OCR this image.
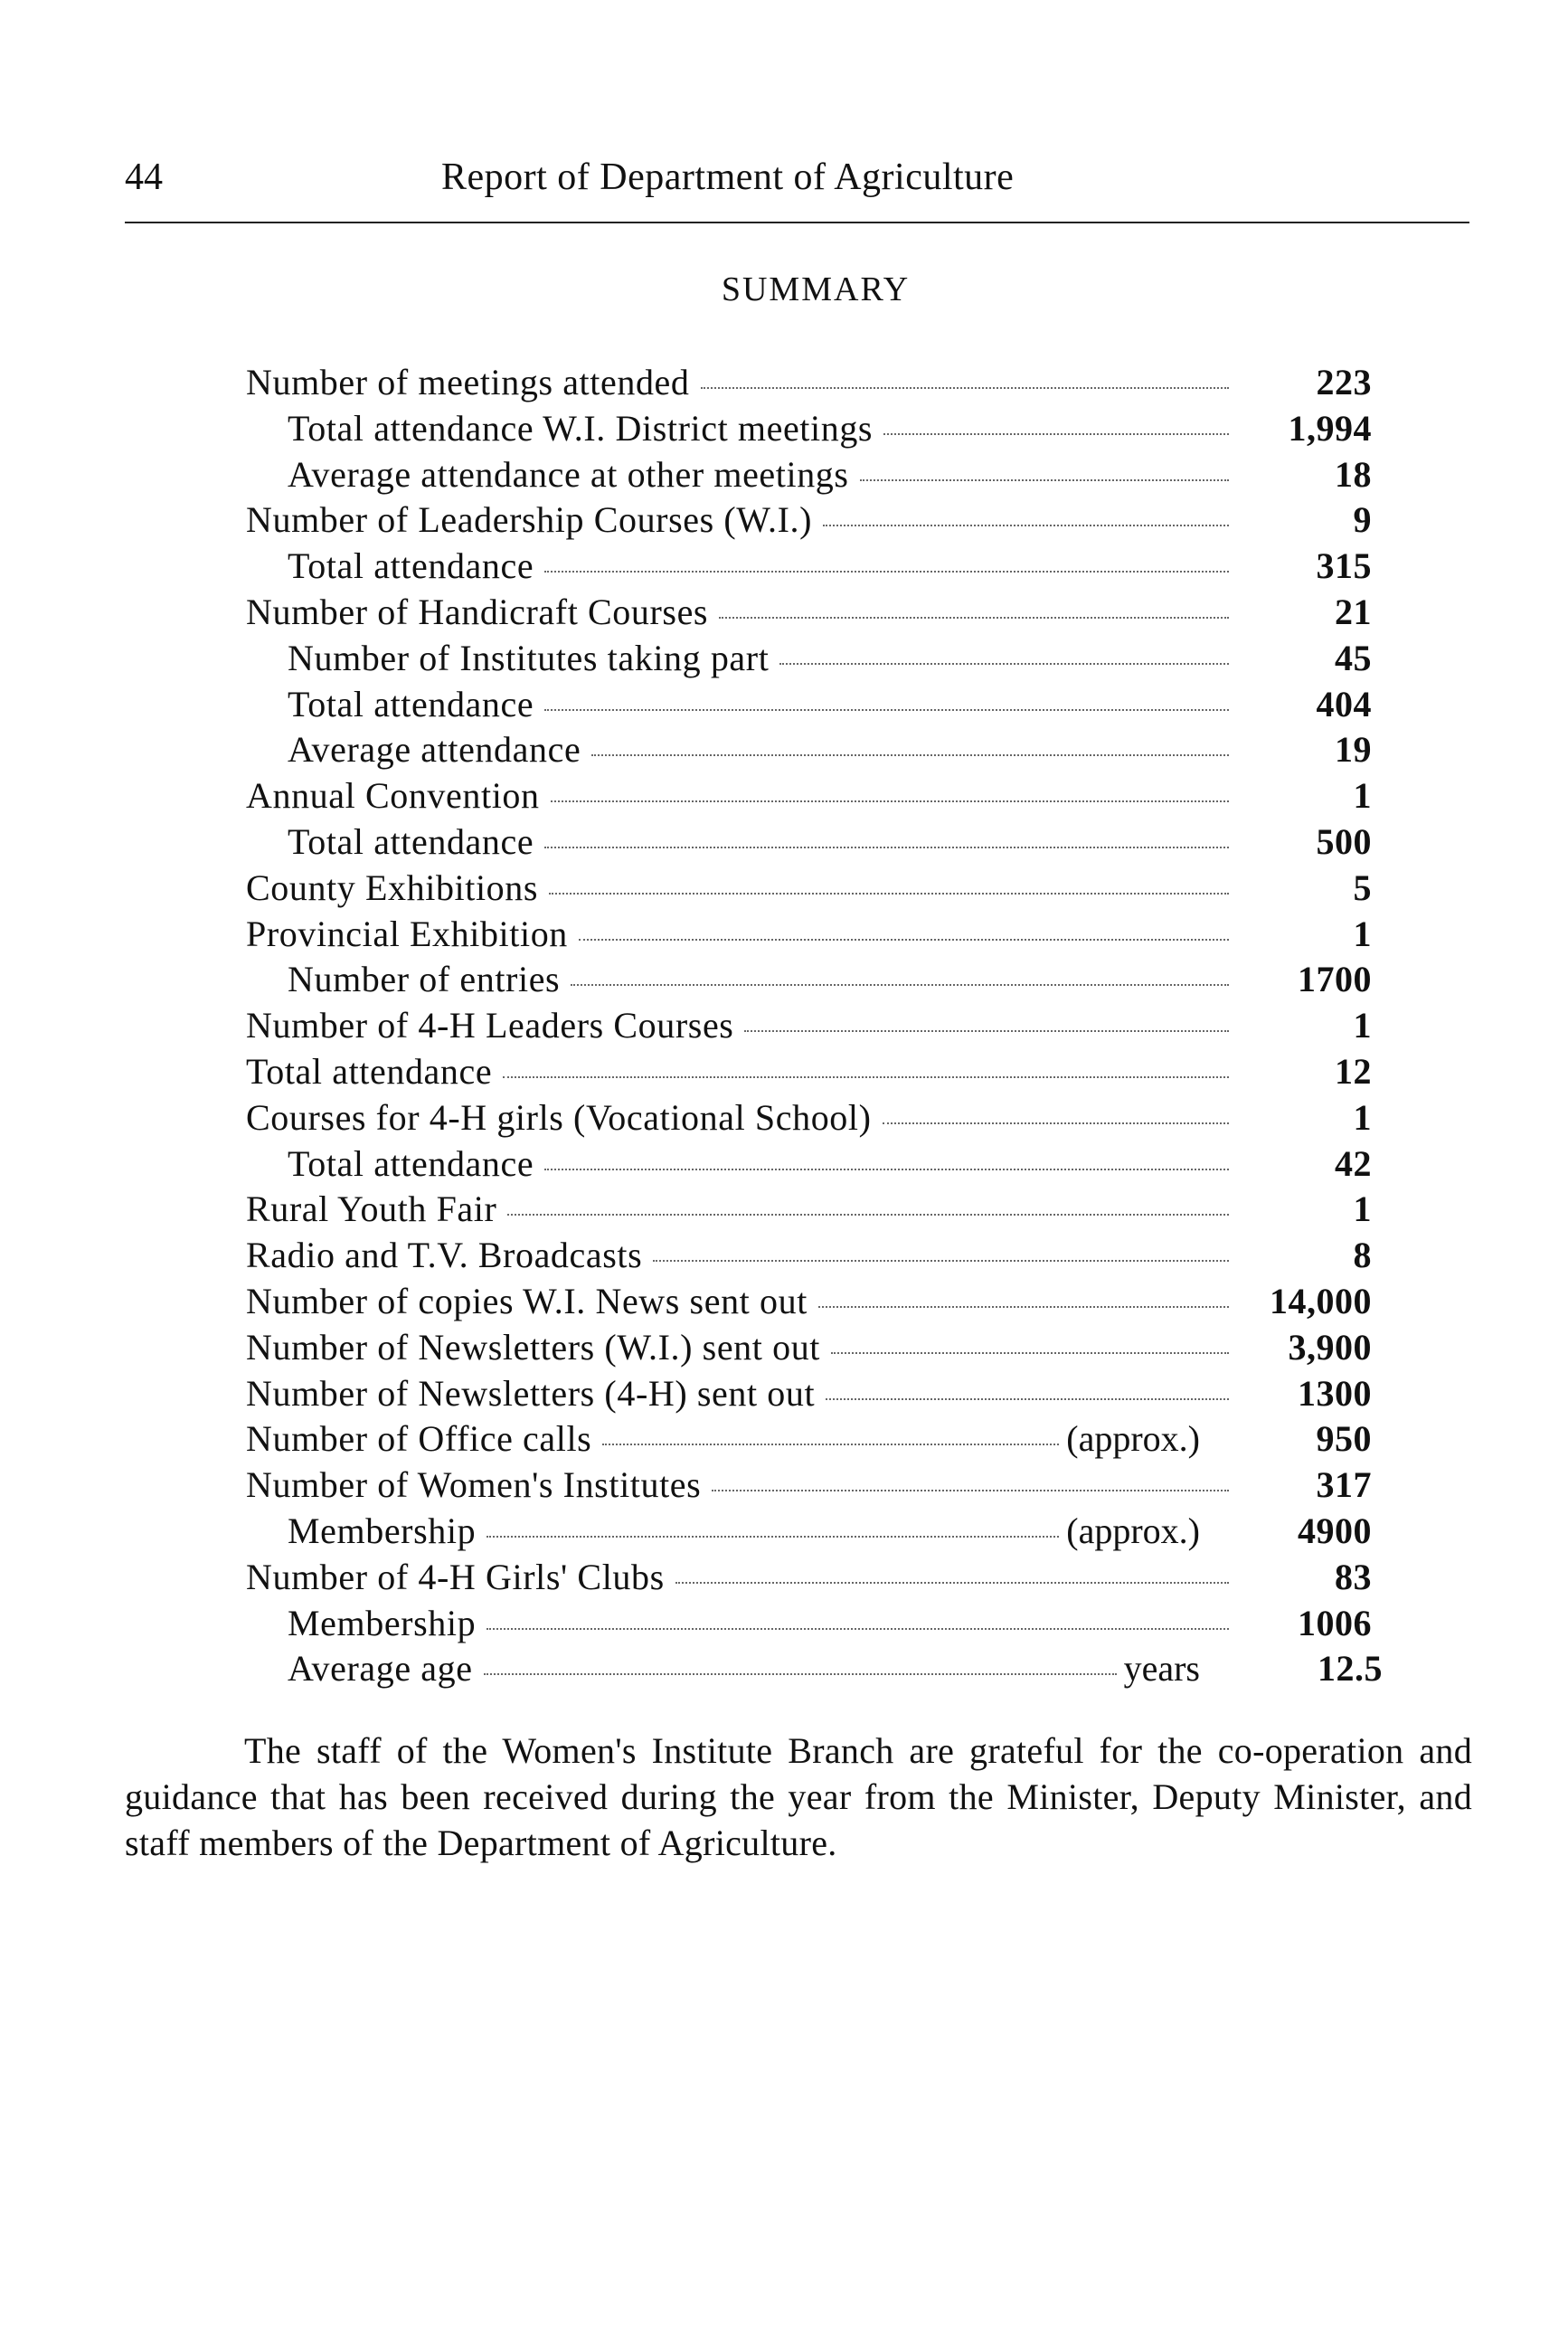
44	Report of Department of Agriculture
SUMMARY
Number of meetings attended	223
Total attendance W.I. District meetings	1,994
Average attendance at other meetings	18
Number of Leadership Courses (W.I.)	9
Total attendance	315
Number of Handicraft Courses	21
Number of Institutes taking part	45
Total attendance	404
Average attendance	19
Annual Convention	1
Total attendance	500
County Exhibitions	5
Provincial Exhibition	1
Number of entries	1700
Number of 4-H Leaders Courses	1
Total attendance	12
Courses for 4-H girls (Vocational School)	1
Total attendance	42
Rural Youth Fair	1
Radio and T.V. Broadcasts	8
Number of copies W.I. News sent out	14,000
Number of Newsletters (W.I.) sent out	3,900
Number of Newsletters (4-H) sent out	1300
Number of Office calls	(approx.)	950
Number of Women's Institutes	317
Membership	(approx.)	4900
Number of 4-H Girls' Clubs	83
Membership	1006
Average age	years	12.5

The staff of the Women's Institute Branch are grateful for the co-operation and guidance that has been received during the year from the Minister, Deputy Minister, and staff members of the Department of Agriculture.
